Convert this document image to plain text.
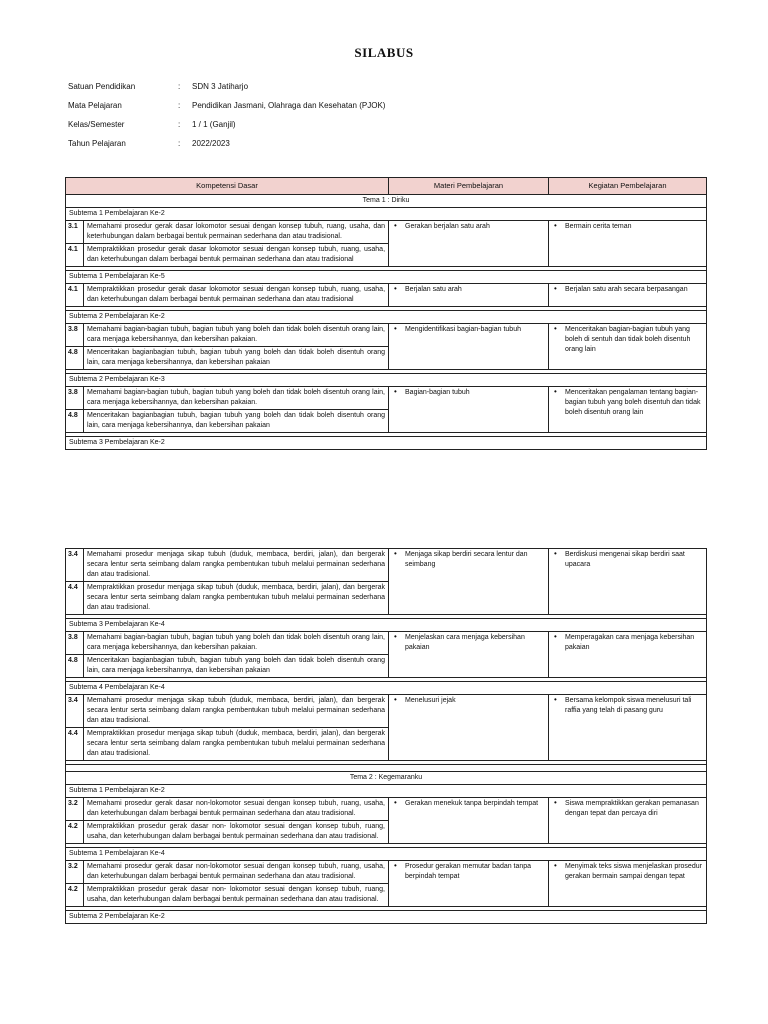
SILABUS
Satuan Pendidikan	: SDN 3 Jatiharjo
Mata Pelajaran	: Pendidikan Jasmani, Olahraga dan Kesehatan (PJOK)
Kelas/Semester	: 1 / 1 (Ganjil)
Tahun Pelajaran	: 2022/2023
Kompetensi Dasar		Materi Pembelajaran	Kegiatan Pembelajaran
Tema 1 : Diriku			
Subtema 1 Pembelajaran Ke-2			
3.1	Memahami prosedur gerak dasar lokomotor sesuai dengan konsep tubuh, ruang, usaha, dan keterhubungan dalam berbagai bentuk permainan sederhana dan atau tradisional.	• Gerakan berjalan satu arah	• Bermain cerita teman
4.1	Mempraktikkan prosedur gerak dasar lokomotor sesuai dengan konsep tubuh, ruang, usaha, dan keterhubungan dalam berbagai bentuk permainan sederhana dan atau tradisional		

Subtema 1 Pembelajaran Ke-5			
4.1	Mempraktikkan prosedur gerak dasar lokomotor sesuai dengan konsep tubuh, ruang, usaha, dan keterhubungan dalam berbagai bentuk permainan sederhana dan atau tradisional	• Berjalan satu arah	• Berjalan satu arah secara berpasangan

Subtema 2 Pembelajaran Ke-2			
3.8	Memahami bagian-bagian tubuh, bagian tubuh yang boleh dan tidak boleh disentuh orang lain, cara menjaga kebersihannya, dan kebersihan pakaian.	• Mengidentifikasi bagian-bagian tubuh	• Menceritakan bagian-bagian tubuh yang boleh di sentuh dan tidak boleh disentuh orang lain
4.8	Menceritakan bagianbagian tubuh, bagian tubuh yang boleh dan tidak boleh disentuh orang lain, cara menjaga kebersihannya, dan kebersihan pakaian		

Subtema 2 Pembelajaran Ke-3			
3.8	Memahami bagian-bagian tubuh, bagian tubuh yang boleh dan tidak boleh disentuh orang lain, cara menjaga kebersihannya, dan kebersihan pakaian.	• Bagian-bagian tubuh	• Menceritakan pengalaman tentang bagian-bagian tubuh yang boleh disentuh dan tidak boleh disentuh orang lain
4.8	Menceritakan bagianbagian tubuh, bagian tubuh yang boleh dan tidak boleh disentuh orang lain, cara menjaga kebersihannya, dan kebersihan pakaian		

Subtema 3 Pembelajaran Ke-2			
3.4	Memahami prosedur menjaga sikap tubuh (duduk, membaca, berdiri, jalan), dan bergerak secara lentur serta seimbang dalam rangka pembentukan tubuh melalui permainan sederhana dan atau tradisional.	• Menjaga sikap berdiri secara lentur dan seimbang	• Berdiskusi mengenai sikap berdiri saat upacara
4.4	Mempraktikkan prosedur menjaga sikap tubuh (duduk, membaca, berdiri, jalan), dan bergerak secara lentur serta seimbang dalam rangka pembentukan tubuh melalui permainan sederhana dan atau tradisional.		

Subtema 3 Pembelajaran Ke-4			
3.8	Memahami bagian-bagian tubuh, bagian tubuh yang boleh dan tidak boleh disentuh orang lain, cara menjaga kebersihannya, dan kebersihan pakaian.	• Menjelaskan cara menjaga kebersihan pakaian	• Memperagakan cara menjaga kebersihan pakaian
4.8	Menceritakan bagianbagian tubuh, bagian tubuh yang boleh dan tidak boleh disentuh orang lain, cara menjaga kebersihannya, dan kebersihan pakaian		

Subtema 4 Pembelajaran Ke-4			
3.4	Memahami prosedur menjaga sikap tubuh (duduk, membaca, berdiri, jalan), dan bergerak secara lentur serta seimbang dalam rangka pembentukan tubuh melalui permainan sederhana dan atau tradisional.	• Menelusuri jejak	• Bersama kelompok siswa menelusuri tali raffia yang telah di pasang guru
4.4	Mempraktikkan prosedur menjaga sikap tubuh (duduk, membaca, berdiri, jalan), dan bergerak secara lentur serta seimbang dalam rangka pembentukan tubuh melalui permainan sederhana dan atau tradisional.		

Tema 2 : Kegemaranku			
Subtema 1 Pembelajaran Ke-2			
3.2	Memahami prosedur gerak dasar non-lokomotor sesuai dengan konsep tubuh, ruang, usaha, dan keterhubungan dalam berbagai bentuk permainan sederhana dan atau tradisional.	• Gerakan menekuk tanpa berpindah tempat	• Siswa mempraktikkan gerakan pemanasan dengan tepat dan percaya diri
4.2	Mempraktikkan prosedur gerak dasar non- lokomotor sesuai dengan konsep tubuh, ruang, usaha, dan keterhubungan dalam berbagai bentuk permainan sederhana dan atau tradisional.		

Subtema 1 Pembelajaran Ke-4			
3.2	Memahami prosedur gerak dasar non-lokomotor sesuai dengan konsep tubuh, ruang, usaha, dan keterhubungan dalam berbagai bentuk permainan sederhana dan atau tradisional.	• Prosedur gerakan memutar badan tanpa berpindah tempat	• Menyimak teks siswa menjelaskan prosedur gerakan bermain sampai dengan tepat
4.2	Mempraktikkan prosedur gerak dasar non- lokomotor sesuai dengan konsep tubuh, ruang, usaha, dan keterhubungan dalam berbagai bentuk permainan sederhana dan atau tradisional.		

Subtema 2 Pembelajaran Ke-2			
